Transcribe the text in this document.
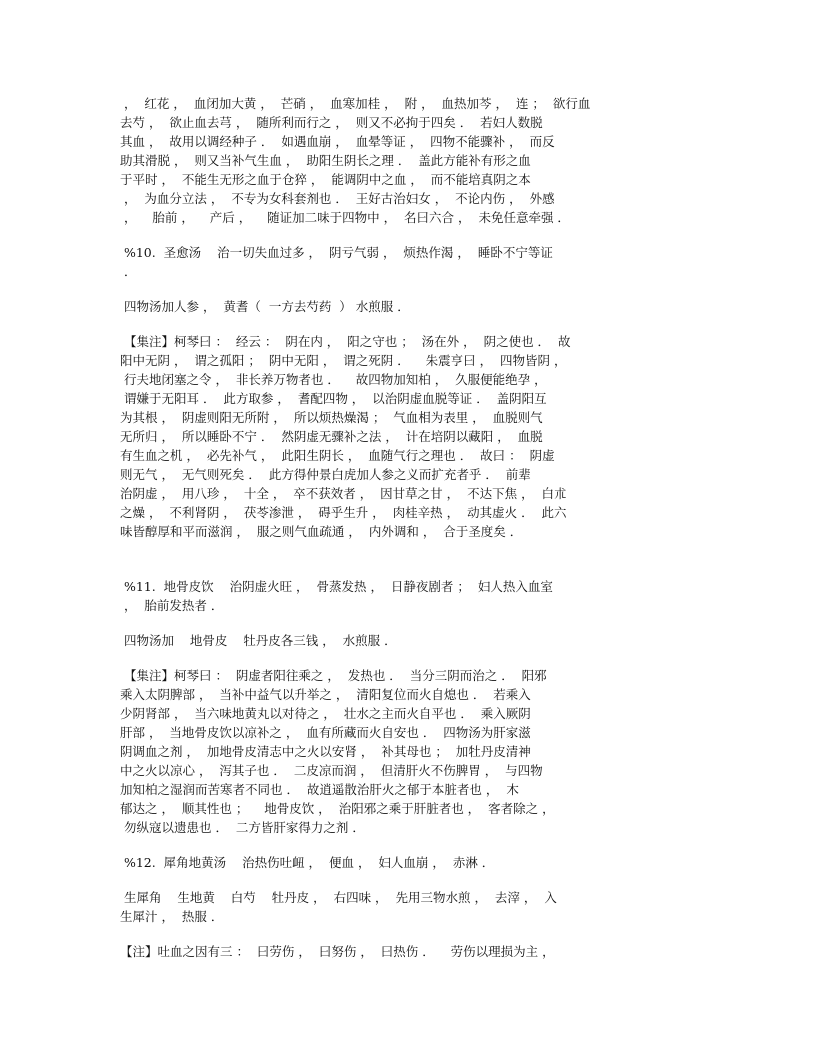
，  红花 ，  血闭加大黄 ，  芒硝 ，  血寒加桂 ，  附 ，  血热加芩 ，  连 ；  欲行血
去芍 ，  欲止血去芎 ，  随所利而行之 ，  则又不必拘于四矣 ．  若妇人数脱
其血 ，  故用以调经种子 ．  如遇血崩 ，  血晕等证 ，  四物不能骤补 ，  而反
助其滑脱 ，  则又当补气生血 ，  助阳生阴长之理 ．  盖此方能补有形之血
于平时 ，  不能生无形之血于仓猝 ，  能调阴中之血 ，  而不能培真阴之本
，  为血分立法 ，  不专为女科套剂也 ．  王好古治妇女 ，  不论内伤 ，  外感
，    胎前 ，    产后 ，    随证加二味于四物中 ，  名曰六合 ，  未免任意牵强 ．
%10.  圣愈汤    治一切失血过多 ，  阴亏气弱 ，  烦热作渴 ，  睡卧不宁等证
．
四物汤加人参 ，  黄耆（  一方去芍药  ） 水煎服 ．
【集注】柯琴曰 ：  经云 ：  阴在内 ，  阳之守也 ；  汤在外 ，  阴之使也 ．  故
阳中无阴 ，  谓之孤阳 ；  阴中无阳 ，  谓之死阴 ．    朱震亨曰 ，  四物皆阴 ，
行夫地闭塞之令 ，  非长养万物者也 ．    故四物加知柏 ，  久服便能绝孕 ，
谓嫌于无阳耳 ．  此方取参 ，  耆配四物 ，  以治阴虚血脱等证 ．  盖阴阳互
为其根 ，  阴虚则阳无所附 ，  所以烦热燥渴 ；  气血相为表里 ，  血脱则气
无所归 ，  所以睡卧不宁 ．  然阴虚无骤补之法 ，  计在培阴以藏阳 ，  血脱
有生血之机 ，  必先补气 ，  此阳生阴长 ，  血随气行之理也 ．  故曰 ：  阴虚
则无气 ，  无气则死矣 ．  此方得仲景白虎加人参之义而扩充者乎 ．  前辈
治阴虚 ，  用八珍 ，  十全 ，  卒不获效者 ，  因甘草之甘 ，  不达下焦 ，  白朮
之燥 ，  不利肾阴 ，  茯苓渗泄 ，  碍乎生升 ，  肉桂辛热 ，  动其虚火 ．  此六
味皆醇厚和平而滋润 ，  服之则气血疏通 ，  内外调和 ，  合于圣度矣 ．
%11.  地骨皮饮    治阴虚火旺 ，  骨蒸发热 ，  日静夜剧者 ；  妇人热入血室
，  胎前发热者 ．
四物汤加    地骨皮    牡丹皮各三钱 ，  水煎服 ．
【集注】柯琴曰 ：  阴虚者阳往乘之 ，  发热也 ．  当分三阴而治之 ．  阳邪
乘入太阴脾部 ，  当补中益气以升举之 ，  清阳复位而火自熄也 ．  若乘入
少阴肾部 ，  当六味地黄丸以对待之 ，  壮水之主而火自平也 ．  乘入厥阴
肝部 ，  当地骨皮饮以凉补之 ，  血有所藏而火自安也 ．  四物汤为肝家滋
阴调血之剂 ，  加地骨皮清志中之火以安肾 ，  补其母也 ；  加牡丹皮清神
中之火以凉心 ，  泻其子也 ．  二皮凉而润 ，  但清肝火不伤脾胃 ，  与四物
加知柏之湿润而苦寒者不同也 ．  故逍遥散治肝火之郁于本脏者也 ，  木
郁达之 ，  顺其性也 ；    地骨皮饮 ，  治阳邪之乘于肝脏者也 ，  客者除之 ，
勿纵寇以遗患也 ．  二方皆肝家得力之剂 ．
%12.  犀角地黄汤    治热伤吐衄 ，  便血 ，  妇人血崩 ，  赤淋 ．
生犀角    生地黄    白芍    牡丹皮 ，  右四味 ，  先用三物水煎 ，  去滓 ，  入
生犀汁 ，  热服 ．
【注】吐血之因有三 ：  曰劳伤 ，  曰努伤 ，  曰热伤 ．    劳伤以理损为主 ，
